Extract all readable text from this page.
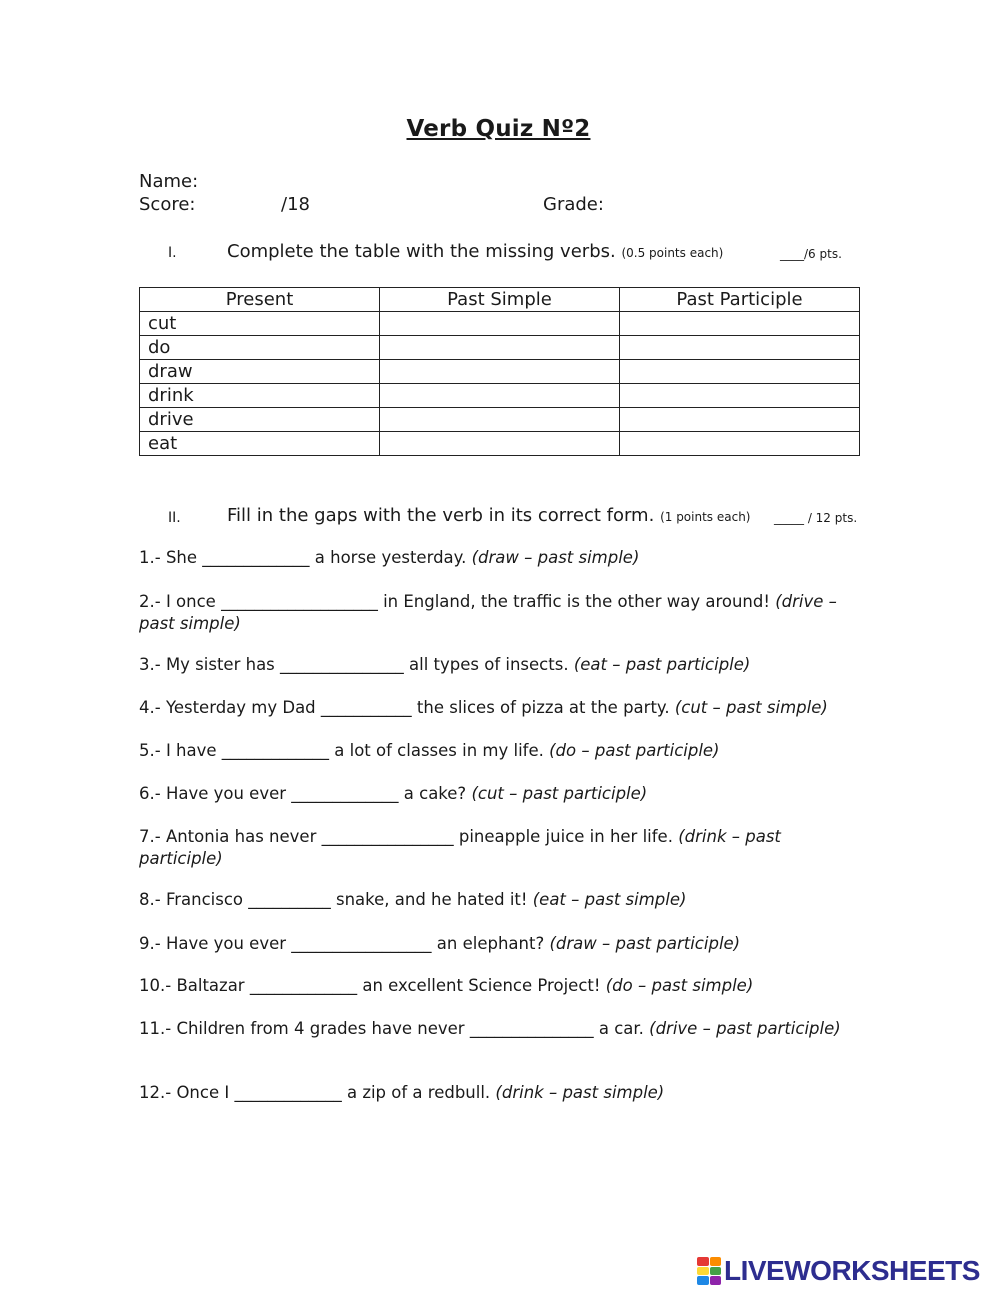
Verb Quiz Nº2
Name:
Score:	/18	Grade:
I.	Complete the table with the missing verbs. (0.5 points each)	____/6 pts.
Present	Past Simple	Past Participle
cut		
do		
draw		
drink		
drive		
eat		
II.	Fill in the gaps with the verb in its correct form. (1 points each) _____ / 12 pts.
1.- She _____________ a horse yesterday. (draw – past simple)
2.- I once ___________________ in England, the traffic is the other way around! (drive – past simple)
3.- My sister has _______________ all types of insects. (eat – past participle)
4.- Yesterday my Dad ___________ the slices of pizza at the party. (cut – past simple)
5.- I have _____________ a lot of classes in my life. (do – past participle)
6.- Have you ever _____________ a cake? (cut – past participle)
7.- Antonia has never ________________ pineapple juice in her life. (drink – past participle)
8.- Francisco __________ snake, and he hated it! (eat – past simple)
9.- Have you ever _________________ an elephant? (draw – past participle)
10.- Baltazar _____________ an excellent Science Project! (do – past simple)
11.- Children from 4 grades have never _______________ a car. (drive – past participle)
12.- Once I _____________ a zip of a redbull. (drink – past simple)
LIVEWORKSHEETS
